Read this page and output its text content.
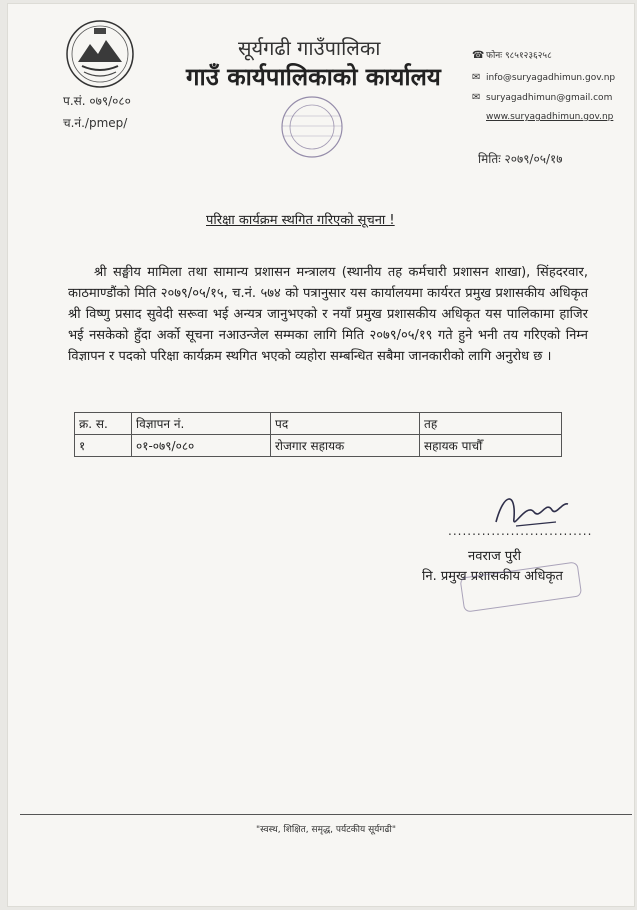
सूर्यगढी गाउँपालिका
गाउँ कार्यपालिकाको कार्यालय
☎ फोनः ९८५१२३६२५८
✉ info@suryagadhimun.gov.np
✉ suryagadhimun@gmail.com
www.suryagadhimun.gov.np
प.सं. ०७९/०८०
च.नं./pmep/
मितिः २०७९/०५/१७
परिक्षा कार्यक्रम स्थगित गरिएको सूचना !
श्री सङ्घीय मामिला तथा सामान्य प्रशासन मन्त्रालय (स्थानीय तह कर्मचारी प्रशासन शाखा), सिंहदरवार, काठमाण्डौंको मिति २०७९/०५/१५, च.नं. ५७४ को पत्रानुसार यस कार्यालयमा कार्यरत प्रमुख प्रशासकीय अधिकृत श्री विष्णु प्रसाद सुवेदी सरूवा भई अन्यत्र जानुभएको र नयाँ प्रमुख प्रशासकीय अधिकृत यस पालिकामा हाजिर भई नसकेको हुँदा अर्को सूचना नआउन्जेल सम्मका लागि मिति २०७९/०५/१९ गते हुने भनी तय गरिएको निम्न विज्ञापन र पदको परिक्षा कार्यक्रम स्थगित भएको व्यहोरा सम्बन्धित सबैमा जानकारीको लागि अनुरोध छ ।
क्र. स.	विज्ञापन नं.	पद	तह
१	०१-०७९/०८०	रोजगार सहायक	सहायक पाचौँ
..............................
नवराज पुरी
नि. प्रमुख प्रशासकीय अधिकृत
"स्वस्थ, शिक्षित, समृद्ध, पर्यटकीय सूर्यगढी"
